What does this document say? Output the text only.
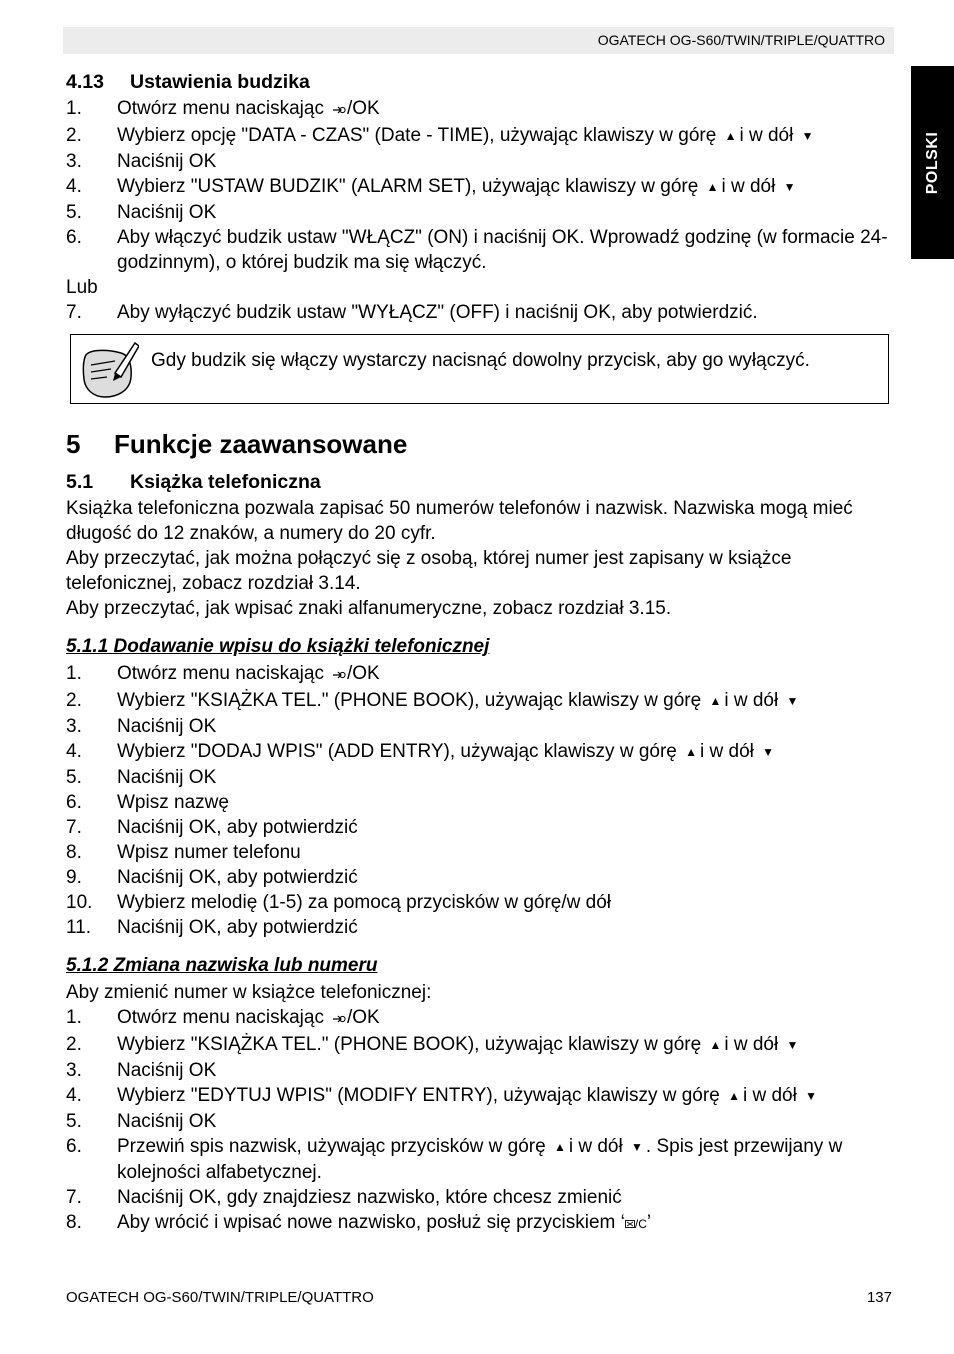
OGATECH OG-S60/TWIN/TRIPLE/QUATTRO
POLSKI
4.13 Ustawienia budzika
1. Otwórz menu naciskając /OK
2. Wybierz opcję "DATA - CZAS" (Date - TIME), używając klawiszy w górę ▲ i w dół ▼
3. Naciśnij OK
4. Wybierz "USTAW BUDZIK" (ALARM SET), używając klawiszy w górę ▲ i w dół ▼
5. Naciśnij OK
6. Aby włączyć budzik ustaw "WŁĄCZ" (ON) i naciśnij OK. Wprowadź godzinę (w formacie 24-godzinnym), o której budzik ma się włączyć.

Lub

7. Aby wyłączyć budzik ustaw "WYŁĄCZ" (OFF) i naciśnij OK, aby potwierdzić.
Gdy budzik się włączy wystarczy nacisnąć dowolny przycisk, aby go wyłączyć.
5 Funkcje zaawansowane
5.1 Książka telefoniczna

Książka telefoniczna pozwala zapisać 50 numerów telefonów i nazwisk. Nazwiska mogą mieć długość do 12 znaków, a numery do 20 cyfr.

Aby przeczytać, jak można połączyć się z osobą, której numer jest zapisany w książce telefonicznej, zobacz rozdział 3.14.

Aby przeczytać, jak wpisać znaki alfanumeryczne, zobacz rozdział 3.15.

5.1.1 Dodawanie wpisu do książki telefonicznej
1. Otwórz menu naciskając /OK
2. Wybierz "KSIĄŻKA TEL." (PHONE BOOK), używając klawiszy w górę ▲ i w dół ▼
3. Naciśnij OK
4. Wybierz "DODAJ WPIS" (ADD ENTRY), używając klawiszy w górę ▲ i w dół ▼
5. Naciśnij OK
6. Wpisz nazwę
7. Naciśnij OK, aby potwierdzić
8. Wpisz numer telefonu
9. Naciśnij OK, aby potwierdzić
10. Wybierz melodię (1-5) za pomocą przycisków w górę/w dół
11. Naciśnij OK, aby potwierdzić
5.1.2 Zmiana nazwiska lub numeru

Aby zmienić numer w książce telefonicznej:

1. Otwórz menu naciskając /OK
2. Wybierz "KSIĄŻKA TEL." (PHONE BOOK), używając klawiszy w górę ▲ i w dół ▼
3. Naciśnij OK
4. Wybierz "EDYTUJ WPIS" (MODIFY ENTRY), używając klawiszy w górę ▲ i w dół ▼
5. Naciśnij OK
6. Przewiń spis nazwisk, używając przycisków w górę ▲ i w dół ▼ . Spis jest przewijany w kolejności alfabetycznej.
7. Naciśnij OK, gdy znajdziesz nazwisko, które chcesz zmienić
8. Aby wrócić i wpisać nowe nazwisko, posłuż się przyciskiem ‘ /C’
OGATECH OG-S60/TWIN/TRIPLE/QUATTRO	137
